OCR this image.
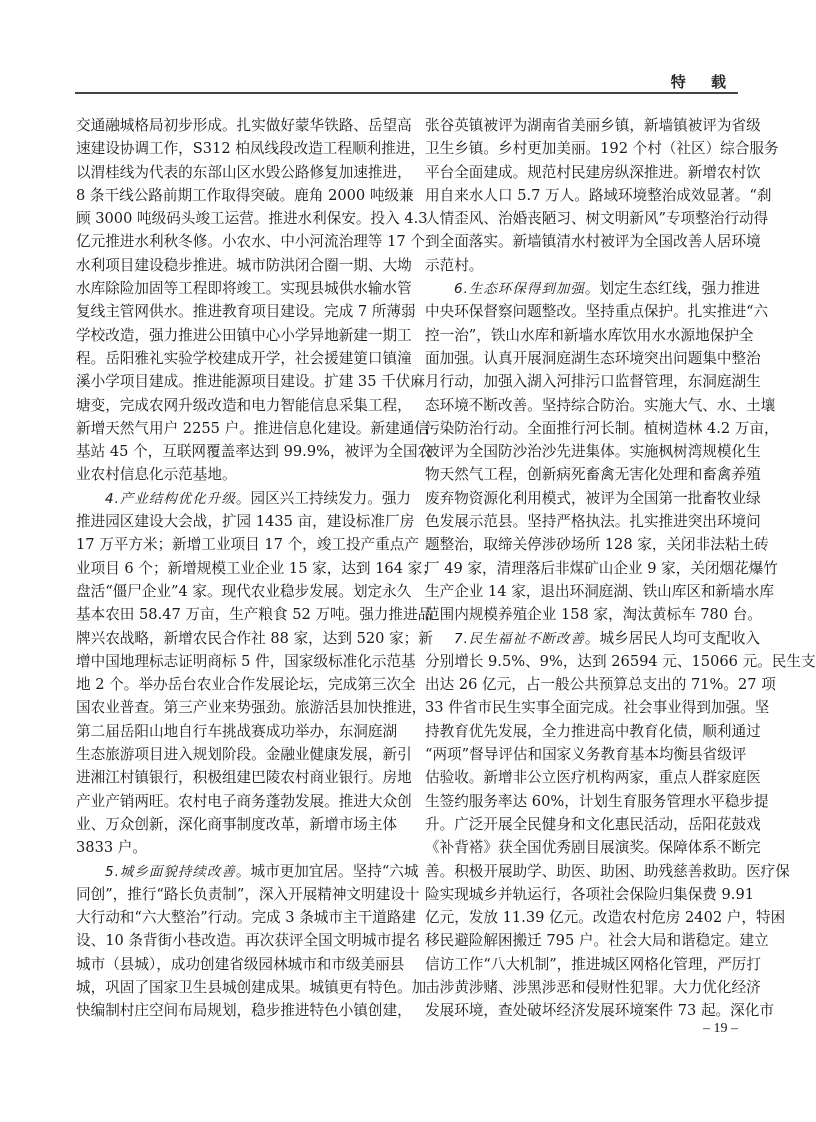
特 载
交通融城格局初步形成。扎实做好蒙华铁路、岳望高
速建设协调工作，S312 柏凤线段改造工程顺利推进，
以渭桂线为代表的东部山区水毁公路修复加速推进，
8 条干线公路前期工作取得突破。鹿角 2000 吨级兼
顾 3000 吨级码头竣工运营。推进水利保安。投入 4.3
亿元推进水利秋冬修。小农水、中小河流治理等 17 个
水利项目建设稳步推进。城市防洪闭合圈一期、大坳
水库除险加固等工程即将竣工。实现县城供水输水管
复线主管网供水。推进教育项目建设。完成 7 所薄弱
学校改造，强力推进公田镇中心小学异地新建一期工
程。岳阳雅礼实验学校建成开学，社会援建筻口镇潼
溪小学项目建成。推进能源项目建设。扩建 35 千伏麻
塘变，完成农网升级改造和电力智能信息采集工程，
新增天然气用户 2255 户。推进信息化建设。新建通信
基站 45 个，互联网覆盖率达到 99.9%，被评为全国农
业农村信息化示范基地。
4.产业结构优化升级。园区兴工持续发力。强力
推进园区建设大会战，扩园 1435 亩，建设标准厂房
17 万平方米；新增工业项目 17 个，竣工投产重点产
业项目 6 个；新增规模工业企业 15 家，达到 164 家；
盘活“僵尸企业”4 家。现代农业稳步发展。划定永久
基本农田 58.47 万亩，生产粮食 52 万吨。强力推进品
牌兴农战略，新增农民合作社 88 家，达到 520 家；新
增中国地理标志证明商标 5 件，国家级标准化示范基
地 2 个。举办岳台农业合作发展论坛，完成第三次全
国农业普查。第三产业来势强劲。旅游活县加快推进，
第二届岳阳山地自行车挑战赛成功举办，东洞庭湖
生态旅游项目进入规划阶段。金融业健康发展，新引
进湘江村镇银行，积极组建巴陵农村商业银行。房地
产业产销两旺。农村电子商务蓬勃发展。推进大众创
业、万众创新，深化商事制度改革，新增市场主体
3833 户。
5.城乡面貌持续改善。城市更加宜居。坚持“六城
同创”，推行“路长负责制”，深入开展精神文明建设十
大行动和“六大整治”行动。完成 3 条城市主干道路建
设、10 条背街小巷改造。再次获评全国文明城市提名
城市（县城），成功创建省级园林城市和市级美丽县
城，巩固了国家卫生县城创建成果。城镇更有特色。加
快编制村庄空间布局规划，稳步推进特色小镇创建，
张谷英镇被评为湖南省美丽乡镇，新墙镇被评为省级
卫生乡镇。乡村更加美丽。192 个村（社区）综合服务
平台全面建成。规范村民建房纵深推进。新增农村饮
用自来水人口 5.7 万人。路域环境整治成效显著。“刹
人情歪风、治婚丧陋习、树文明新风”专项整治行动得
到全面落实。新墙镇清水村被评为全国改善人居环境
示范村。
6.生态环保得到加强。划定生态红线，强力推进
中央环保督察问题整改。坚持重点保护。扎实推进“六
控一治”，铁山水库和新墙水库饮用水水源地保护全
面加强。认真开展洞庭湖生态环境突出问题集中整治
月行动，加强入湖入河排污口监督管理，东洞庭湖生
态环境不断改善。坚持综合防治。实施大气、水、土壤
污染防治行动。全面推行河长制。植树造林 4.2 万亩，
被评为全国防沙治沙先进集体。实施枫树湾规模化生
物天然气工程，创新病死畜禽无害化处理和畜禽养殖
废弃物资源化利用模式，被评为全国第一批畜牧业绿
色发展示范县。坚持严格执法。扎实推进突出环境问
题整治，取缔关停涉砂场所 128 家，关闭非法粘土砖
厂 49 家，清理落后非煤矿山企业 9 家，关闭烟花爆竹
生产企业 14 家，退出环洞庭湖、铁山库区和新墙水库
范围内规模养殖企业 158 家，淘汰黄标车 780 台。
7.民生福祉不断改善。城乡居民人均可支配收入
分别增长 9.5%、9%，达到 26594 元、15066 元。民生支
出达 26 亿元，占一般公共预算总支出的 71%。27 项
33 件省市民生实事全面完成。社会事业得到加强。坚
持教育优先发展，全力推进高中教育化债，顺利通过
“两项”督导评估和国家义务教育基本均衡县省级评
估验收。新增非公立医疗机构两家，重点人群家庭医
生签约服务率达 60%，计划生育服务管理水平稳步提
升。广泛开展全民健身和文化惠民活动，岳阳花鼓戏
《补背褡》获全国优秀剧目展演奖。保障体系不断完
善。积极开展助学、助医、助困、助残慈善救助。医疗保
险实现城乡并轨运行，各项社会保险归集保费 9.91
亿元，发放 11.39 亿元。改造农村危房 2402 户，特困
移民避险解困搬迁 795 户。社会大局和谐稳定。建立
信访工作“八大机制”，推进城区网格化管理，严厉打
击涉黄涉赌、涉黑涉恶和侵财性犯罪。大力优化经济
发展环境，查处破坏经济发展环境案件 73 起。深化市
– 19 –
